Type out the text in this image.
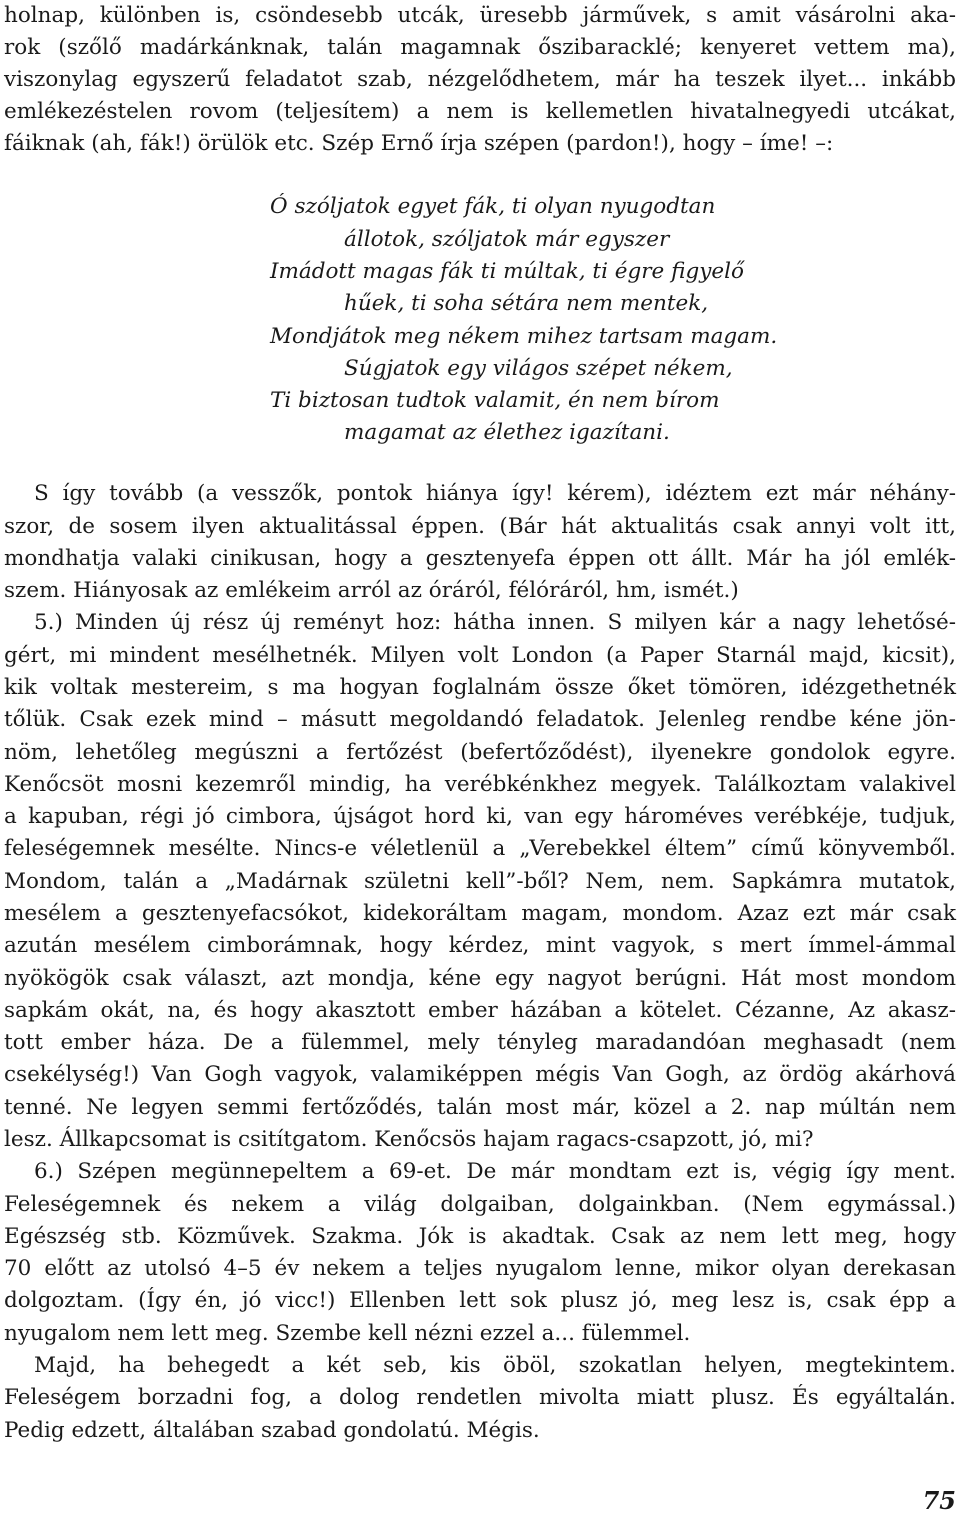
holnap, különben is, csöndesebb utcák, üresebb járművek, s amit vásárolni aka-
rok (szőlő madárkánknak, talán magamnak őszibaracklé; kenyeret vettem ma),
viszonylag egyszerű feladatot szab, nézgelődhetem, már ha teszek ilyet... inkább
emlékezéstelen rovom (teljesítem) a nem is kellemetlen hivatalnegyedi utcákat,
fáiknak (ah, fák!) örülök etc. Szép Ernő írja szépen (pardon!), hogy – íme! –:
Ó szóljatok egyet fák, ti olyan nyugodtan
állotok, szóljatok már egyszer
Imádott magas fák ti múltak, ti égre figyelő
hűek, ti soha sétára nem mentek,
Mondjátok meg nékem mihez tartsam magam.
Súgjatok egy világos szépet nékem,
Ti biztosan tudtok valamit, én nem bírom
magamat az élethez igazítani.
S így tovább (a vesszők, pontok hiánya így! kérem), idéztem ezt már néhány-
szor, de sosem ilyen aktualitással éppen. (Bár hát aktualitás csak annyi volt itt,
mondhatja valaki cinikusan, hogy a gesztenyefa éppen ott állt. Már ha jól emlék-
szem. Hiányosak az emlékeim arról az óráról, félóráról, hm, ismét.)
5.) Minden új rész új reményt hoz: hátha innen. S milyen kár a nagy lehetősé-
gért, mi mindent mesélhetnék. Milyen volt London (a Paper Starnál majd, kicsit),
kik voltak mestereim, s ma hogyan foglalnám össze őket tömören, idézgethetnék
tőlük. Csak ezek mind – másutt megoldandó feladatok. Jelenleg rendbe kéne jön-
nöm, lehetőleg megúszni a fertőzést (befertőződést), ilyenekre gondolok egyre.
Kenőcsöt mosni kezemről mindig, ha verébkénkhez megyek. Találkoztam valakivel
a kapuban, régi jó cimbora, újságot hord ki, van egy hároméves verébkéje, tudjuk,
feleségemnek mesélte. Nincs-e véletlenül a „Verebekkel éltem” című könyvemből.
Mondom, talán a „Madárnak születni kell”-ből? Nem, nem. Sapkámra mutatok,
mesélem a gesztenyefacsókot, kidekoráltam magam, mondom. Azaz ezt már csak
azután mesélem cimborámnak, hogy kérdez, mint vagyok, s mert ímmel-ámmal
nyökögök csak választ, azt mondja, kéne egy nagyot berúgni. Hát most mondom
sapkám okát, na, és hogy akasztott ember házában a kötelet. Cézanne, Az akasz-
tott ember háza. De a fülemmel, mely tényleg maradandóan meghasadt (nem
csekélység!) Van Gogh vagyok, valamiképpen mégis Van Gogh, az ördög akárhová
tenné. Ne legyen semmi fertőződés, talán most már, közel a 2. nap múltán nem
lesz. Állkapcsomat is csitítgatom. Kenőcsös hajam ragacs-csapzott, jó, mi?
6.) Szépen megünnepeltem a 69-et. De már mondtam ezt is, végig így ment.
Feleségemnek és nekem a világ dolgaiban, dolgainkban. (Nem egymással.)
Egészség stb. Közművek. Szakma. Jók is akadtak. Csak az nem lett meg, hogy
70 előtt az utolsó 4–5 év nekem a teljes nyugalom lenne, mikor olyan derekasan
dolgoztam. (Így én, jó vicc!) Ellenben lett sok plusz jó, meg lesz is, csak épp a
nyugalom nem lett meg. Szembe kell nézni ezzel a... fülemmel.
Majd, ha behegedt a két seb, kis öböl, szokatlan helyen, megtekintem.
Feleségem borzadni fog, a dolog rendetlen mivolta miatt plusz. És egyáltalán.
Pedig edzett, általában szabad gondolatú. Mégis.
75
